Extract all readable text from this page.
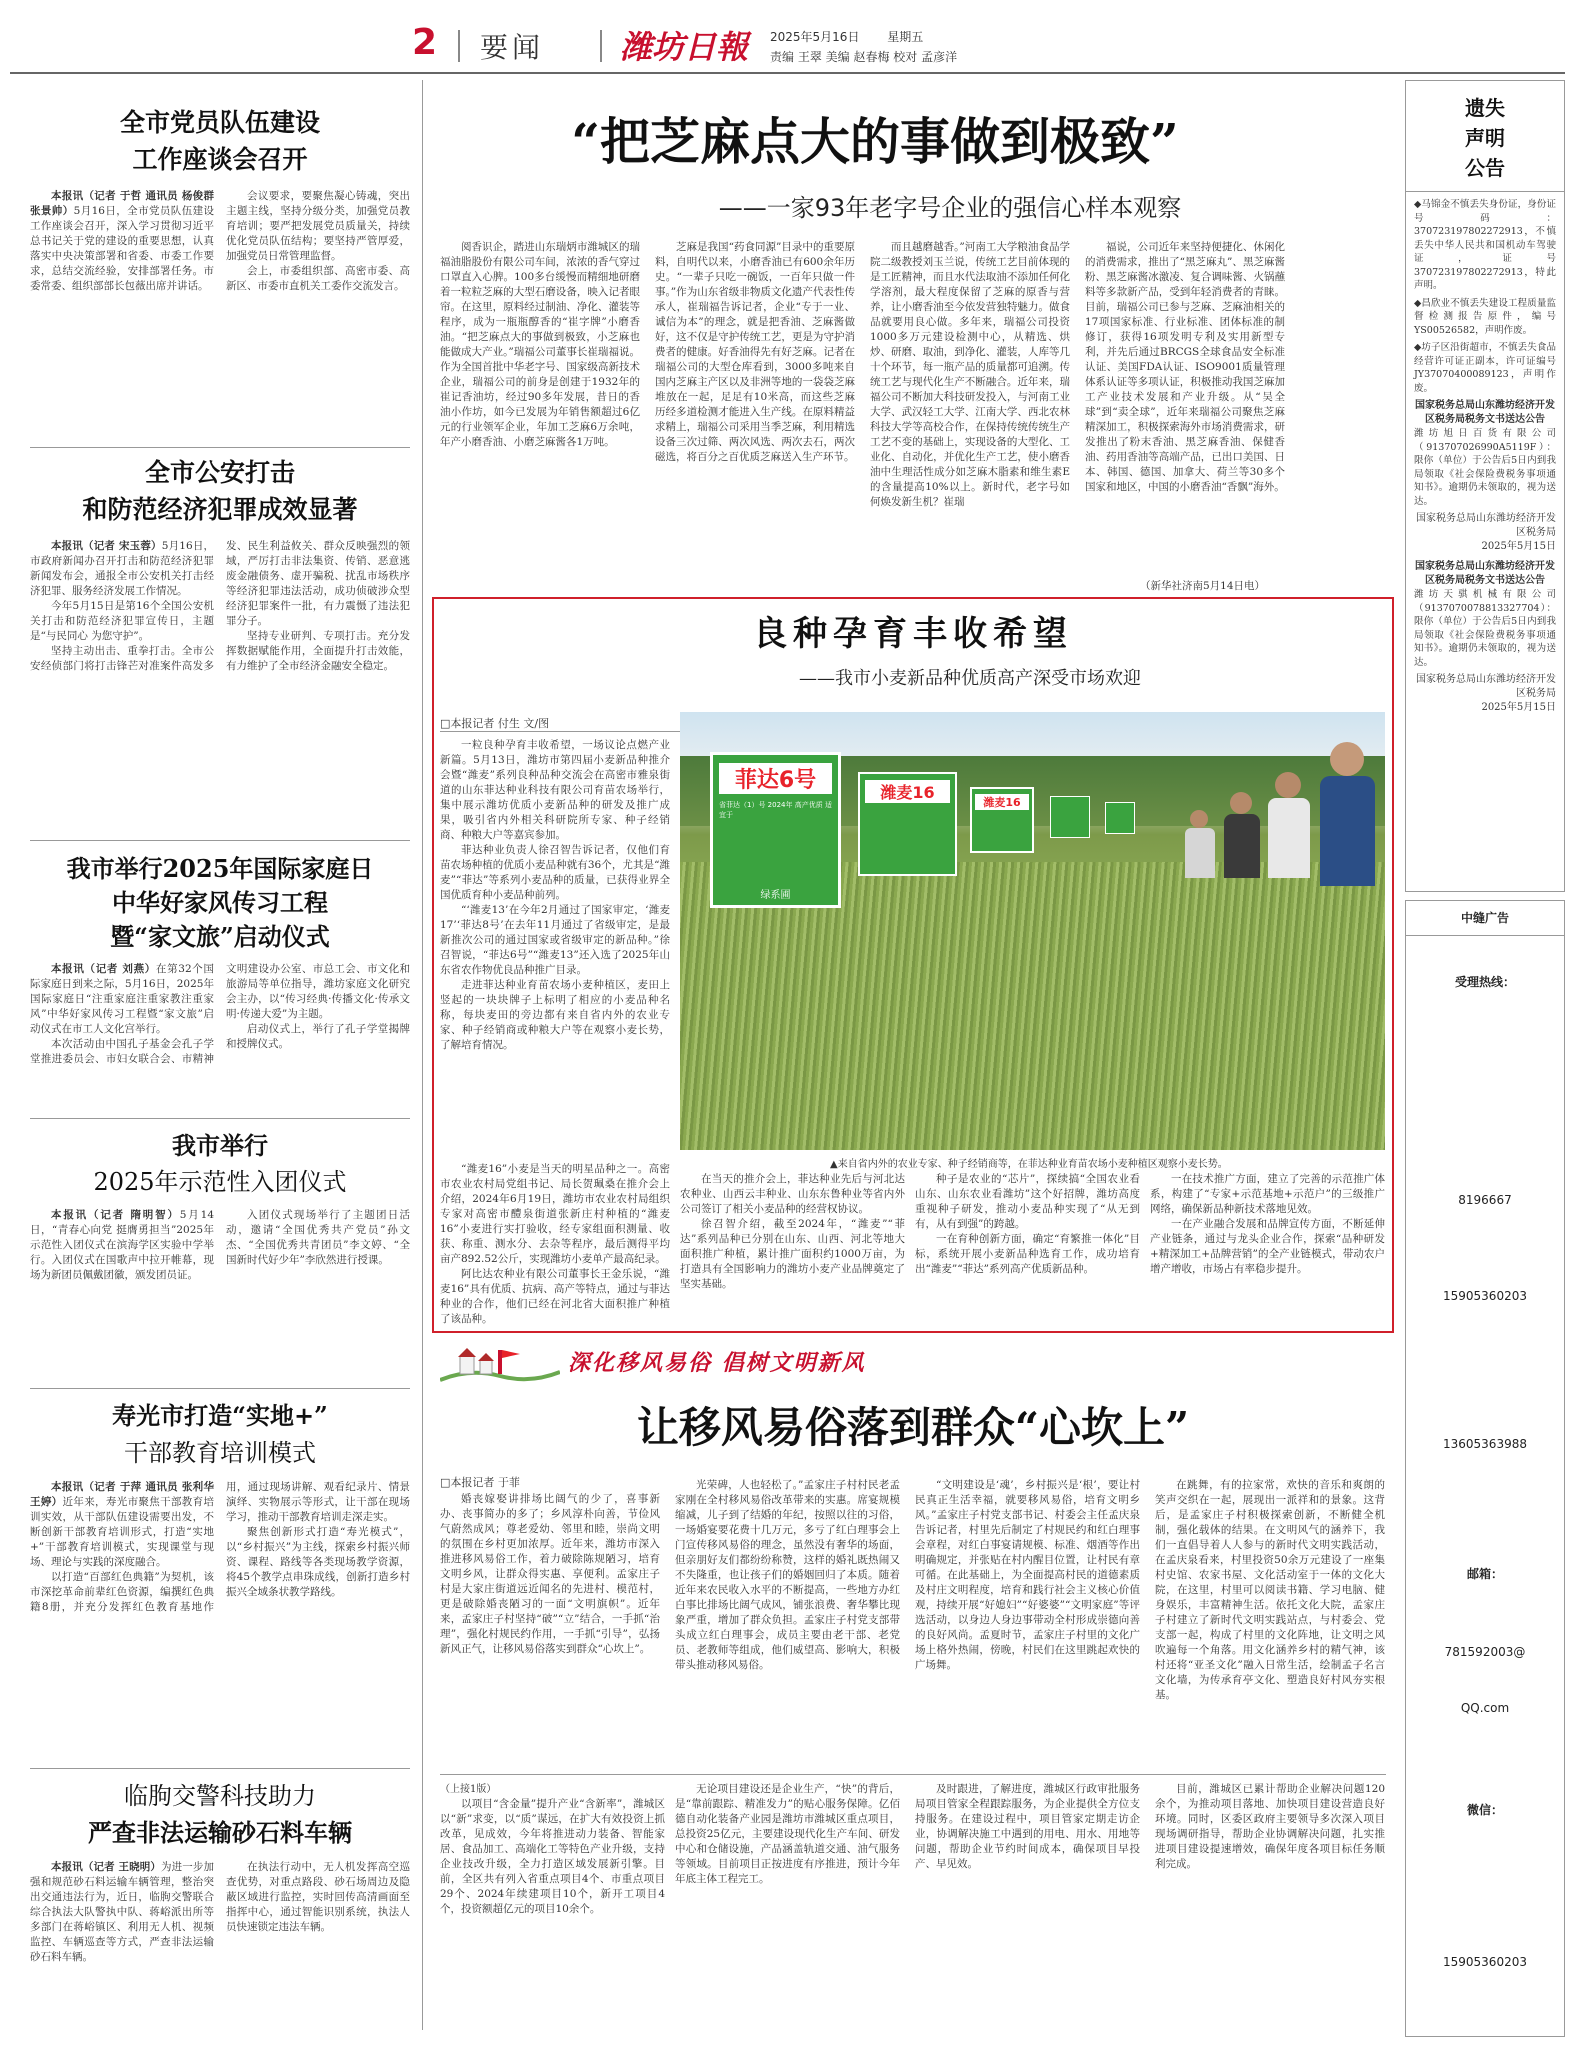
2 要闻 潍坊日報 2025年5月16日 星期五
责编 王翠 美编 赵春梅 校对 孟彦洋

全市党员队伍建设

工作座谈会召开

本报讯（记者 于哲 通讯员 杨俊群 张景帅）5月16日，全市党员队伍建设工作座谈会召开，深入学习贯彻习近平总书记关于党的建设的重要思想，认真落实中央决策部署和省委、市委工作要求，总结交流经验，安排部署任务。市委常委、组织部部长包薇出席并讲话。

会议要求，要聚焦凝心铸魂，突出主题主线，坚持分级分类，加强党员教育培训；要严把发展党员质量关，持续优化党员队伍结构；要坚持严管厚爱，加强党员日常管理监督。

会上，市委组织部、高密市委、高新区、市委市直机关工委作交流发言。

全市公安打击

和防范经济犯罪成效显著

本报讯（记者 宋玉蓉）5月16日，市政府新闻办召开打击和防范经济犯罪新闻发布会，通报全市公安机关打击经济犯罪、服务经济发展工作情况。

今年5月15日是第16个全国公安机关打击和防范经济犯罪宣传日，主题是“与民同心 为您守护”。

坚持主动出击、重拳打击。全市公安经侦部门将打击锋芒对准案件高发多发、民生利益攸关、群众反映强烈的领域，严厉打击非法集资、传销、恶意逃废金融债务、虚开骗税、扰乱市场秩序等经济犯罪违法活动，成功侦破涉众型经济犯罪案件一批，有力震慑了违法犯罪分子。

坚持专业研判、专项打击。充分发挥数据赋能作用，全面提升打击效能，有力维护了全市经济金融安全稳定。

我市举行2025年国际家庭日

中华好家风传习工程

暨“家文旅”启动仪式

本报讯（记者 刘燕）在第32个国际家庭日到来之际，5月16日，2025年国际家庭日“注重家庭注重家教注重家风”中华好家风传习工程暨“家文旅”启动仪式在市工人文化宫举行。

本次活动由中国孔子基金会孔子学堂推进委员会、市妇女联合会、市精神文明建设办公室、市总工会、市文化和旅游局等单位指导，潍坊家庭文化研究会主办，以“传习经典·传播文化·传承文明·传递大爱”为主题。

启动仪式上，举行了孔子学堂揭牌和授牌仪式。

我市举行

2025年示范性入团仪式

本报讯（记者 隋明智）5月14日，“青春心向党 挺膺勇担当”2025年示范性入团仪式在滨海学区实验中学举行。入团仪式在国歌声中拉开帷幕，现场为新团员佩戴团徽，颁发团员证。

入团仪式现场举行了主题团日活动，邀请“全国优秀共产党员”孙文杰、“全国优秀共青团员”李文婷、“全国新时代好少年”李欣然进行授课。

寿光市打造“实地+”

干部教育培训模式

本报讯（记者 于萍 通讯员 张利华 王婷）近年来，寿光市聚焦干部教育培训实效，从干部队伍建设需要出发，不断创新干部教育培训形式，打造“实地+”干部教育培训模式，实现课堂与现场、理论与实践的深度融合。

以打造“百部红色典籍”为契机，该市深挖革命前辈红色资源，编撰红色典籍8册，并充分发挥红色教育基地作用，通过现场讲解、观看纪录片、情景演绎、实物展示等形式，让干部在现场学习，推动干部教育培训走深走实。

聚焦创新形式打造“寿光模式”，以“乡村振兴”为主线，探索乡村振兴师资、课程、路线等各类现场教学资源，将45个教学点串珠成线，创新打造乡村振兴全域条状教学路线。

临朐交警科技助力

严查非法运输砂石料车辆

本报讯（记者 王晓明）为进一步加强和规范砂石料运输车辆管理，整治突出交通违法行为，近日，临朐交警联合综合执法大队警执中队、蒋峪派出所等多部门在蒋峪镇区、利用无人机、视频监控、车辆巡查等方式，严查非法运输砂石料车辆。

在执法行动中，无人机发挥高空巡查优势，对重点路段、砂石场周边及隐蔽区域进行监控，实时回传高清画面至指挥中心，通过智能识别系统，执法人员快速锁定违法车辆。

“把芝麻点大的事做到极致”
——一家93年老字号企业的强信心样本观察

阅香识企，踏进山东瑞炳市潍城区的瑞福油脂股份有限公司车间，浓浓的香气穿过口罩直入心脾。100多台缓慢而精细地研磨着一粒粒芝麻的大型石磨设备，映入记者眼帘。在这里，原料经过制油、净化、灌装等程序，成为一瓶瓶醇香的“崔字牌”小磨香油。“把芝麻点大的事做到极致，小芝麻也能做成大产业。”瑞福公司董事长崔瑞福说。作为全国首批中华老字号、国家级高新技术企业，瑞福公司的前身是创建于1932年的崔记香油坊，经过90多年发展，昔日的香油小作坊，如今已发展为年销售额超过6亿元的行业领军企业，年加工芝麻6万余吨，年产小磨香油、小磨芝麻酱各1万吨。

芝麻是我国“药食同源”目录中的重要原料，自明代以来，小磨香油已有600余年历史。“一辈子只吃一碗饭，一百年只做一件事。”作为山东省级非物质文化遗产代表性传承人，崔瑞福告诉记者，企业“专于一业、诚信为本”的理念，就是把香油、芝麻酱做好，这不仅是守护传统工艺，更是为守护消费者的健康。好香油得先有好芝麻。记者在瑞福公司的大型仓库看到，3000多吨来自国内芝麻主产区以及非洲等地的一袋袋芝麻堆放在一起，足足有10米高，而这些芝麻历经多道检测才能进入生产线。在原料精益求精上，瑞福公司采用当季芝麻，利用精选设备三次过筛、两次风选、两次去石，两次磁选，将百分之百优质芝麻送入生产环节。

而且越磨越香。”河南工大学粮油食品学院二级教授刘玉兰说，传统工艺目前体现的是工匠精神，而且水代法取油不添加任何化学溶剂，最大程度保留了芝麻的原香与营养，让小磨香油至今依发营独特魅力。做食品就要用良心做。多年来，瑞福公司投资1000多万元建设检测中心，从精选、烘炒、研磨、取油，到净化、灌装，人库等几十个环节，每一瓶产品的质量都可追溯。传统工艺与现代化生产不断融合。近年来，瑞福公司不断加大科技研发投入，与河南工业大学、武汉轻工大学、江南大学、西北农林科技大学等高校合作，在保持传统传统生产工艺不变的基础上，实现设备的大型化、工业化、自动化，并优化生产工艺，使小磨香油中生理活性成分如芝麻木脂素和维生素E的含量提高10%以上。新时代，老字号如何焕发新生机？崔瑞

福说，公司近年来坚持便捷化、休闲化的消费需求，推出了“黑芝麻丸”、黑芝麻酱粉、黑芝麻酱冰激凌、复合调味酱、火锅蘸料等多款新产品，受到年轻消费者的青睐。目前，瑞福公司已参与芝麻、芝麻油相关的17项国家标准、行业标准、团体标准的制修订，获得16项发明专利及实用新型专利，并先后通过BRCGS全球食品安全标准认证、美国FDA认证、ISO9001质量管理体系认证等多项认证，积极推动我国芝麻加工产业技术发展和产业升级。从“吴全球”到“卖全球”，近年来瑞福公司聚焦芝麻精深加工，积极探索海外市场消费需求，研发推出了粉末香油、黑芝麻香油、保健香油、药用香油等高端产品，已出口美国、日本、韩国、德国、加拿大、荷兰等30多个国家和地区，中国的小磨香油“香飘”海外。

（新华社济南5月14日电）
良种孕育丰收希望
——我市小麦新品种优质高产深受市场欢迎
□本报记者 付生 文/图
菲达6号
省菲达（1）号 2024年 高产优质 适宜于
绿系圃
潍麦16
潍麦16
▲来自省内外的农业专家、种子经销商等，在菲达种业育苗农场小麦种植区观察小麦长势。

一粒良种孕育丰收希望，一场议论点燃产业新篇。5月13日，潍坊市第四届小麦新品种推介会暨“潍麦”系列良种品种交流会在高密市雅泉街道的山东菲达种业科技有限公司育苗农场举行，集中展示潍坊优质小麦新品种的研发及推广成果，吸引省内外相关科研院所专家、种子经销商、种粮大户等嘉宾参加。

菲达种业负责人徐召智告诉记者，仅他们育苗农场种植的优质小麦品种就有36个，尤其是“潍麦”“菲达”等系列小麦品种的质量，已获得业界全国优质育种小麦品种前列。

“‘潍麦13’在今年2月通过了国家审定，‘潍麦17’‘菲达8号’在去年11月通过了省级审定，是最新推次公司的通过国家或省级审定的新品种。”徐召智说，“菲达6号”“潍麦13”还入选了2025年山东省农作物优良品种推广目录。

走进菲达种业育苗农场小麦种植区，麦田上竖起的一块块牌子上标明了相应的小麦品种名称，每块麦田的旁边都有来自省内外的农业专家、种子经销商或种粮大户等在观察小麦长势，了解培育情况。

“潍麦16”小麦是当天的明星品种之一。高密市农业农村局党组书记、局长贺珮桑在推介会上介绍，2024年6月19日，潍坊市农业农村局组织专家对高密市醴泉街道张新庄村种植的“潍麦16”小麦进行实打验收，经专家组面积测量、收获、称重、测水分、去杂等程序，最后测得平均亩产892.52公斤，实现潍坊小麦单产最高纪录。

阿比达农种业有限公司董事长王金乐说，“潍麦16”具有优质、抗病、高产等特点，通过与菲达种业的合作，他们已经在河北省大面积推广种植了该品种。

在当天的推介会上，菲达种业先后与河北达农种业、山西云丰种业、山东东鲁种业等省内外公司签订了相关小麦品种的经营权协议。

徐召智介绍，截至2024年，“潍麦”“菲达”系列品种已分别在山东、山西、河北等地大面积推广种植，累计推广面积约1000万亩，为打造具有全国影响力的潍坊小麦产业品牌奠定了坚实基础。

种子是农业的“芯片”，探续搞“全国农业看山东、山东农业看潍坊”这个好招牌，潍坊高度重视种子研发，推动小麦品种实现了“从无到有，从有到强”的跨越。

一在育种创新方面，确定“育繁推一体化”目标，系统开展小麦新品种选育工作，成功培育出“潍麦”“菲达”系列高产优质新品种。

一在技术推广方面，建立了完善的示范推广体系，构建了“专家+示范基地+示范户”的三级推广网络，确保新品种新技术落地见效。

一在产业融合发展和品牌宣传方面，不断延伸产业链条，通过与龙头企业合作，探索“品种研发+精深加工+品牌营销”的全产业链模式，带动农户增产增收，市场占有率稳步提升。

深化移风易俗 倡树文明新风
让移风易俗落到群众“心坎上”
□本报记者 于菲

婚丧嫁娶讲排场比阔气的少了，喜事新办、丧事简办的多了；乡风淳朴向善，节俭风气蔚然成风；尊老爱幼、邻里和睦，崇尚文明的氛围在乡村更加浓厚。近年来，潍坊市深入推进移风易俗工作，着力破除陈规陋习，培育文明乡风，让群众得实惠、享便利。孟家庄子村是大家庄街道远近闻名的先进村、模范村，更是破除婚丧陋习的一面“文明旗帜”。近年来，孟家庄子村坚持“破”“立”结合，一手抓“治理”，强化村规民约作用，一手抓“引导”，弘扬新风正气，让移风易俗落实到群众“心坎上”。

光荣碑，人也轻松了。”孟家庄子村村民老孟家刚在全村移风易俗改革带来的实惠。席宴规模缩减，儿子到了结婚的年纪，按照以往的习俗，一场婚宴要花费十几万元，多亏了红白理事会上门宣传移风易俗的理念，虽然没有奢华的场面，但亲朋好友们都纷纷称赞，这样的婚礼既热闹又不失隆重，也让孩子们的婚姻回归了本质。随着近年来农民收入水平的不断提高，一些地方办红白事比排场比阔气成风，铺张浪费、奢华攀比现象严重，增加了群众负担。孟家庄子村党支部带头成立红白理事会，成员主要由老干部、老党员、老教师等组成，他们威望高、影响大，积极带头推动移风易俗。

“文明建设是‘魂’，乡村振兴是‘根’，要让村民真正生活幸福，就要移风易俗，培育文明乡风。”孟家庄子村党支部书记、村委会主任孟庆泉告诉记者，村里先后制定了村规民约和红白理事会章程，对红白事宴请规模、标准、烟酒等作出明确规定，并张贴在村内醒目位置，让村民有章可循。在此基础上，为全面提高村民的道德素质及村庄文明程度，培育和践行社会主义核心价值观，持续开展“好媳妇”“好婆婆”“文明家庭”等评选活动，以身边人身边事带动全村形成崇德向善的良好风尚。孟夏时节，孟家庄子村里的文化广场上格外热闹，傍晚，村民们在这里跳起欢快的广场舞。

在跳舞，有的拉家常，欢快的音乐和爽朗的笑声交织在一起，展现出一派祥和的景象。这背后，是孟家庄子村积极探索创新，不断健全机制，强化载体的结果。在文明风气的涵养下，我们一直倡导着人人参与的新时代文明实践活动，在孟庆泉看来，村里投资50余万元建设了一座集村史馆、农家书屋、文化活动室于一体的文化大院，在这里，村里可以阅读书籍、学习电脑、健身娱乐，丰富精神生活。依托文化大院，孟家庄子村建立了新时代文明实践站点，与村委会、党支部一起，构成了村里的文化阵地，让文明之风吹遍每一个角落。用文化涵养乡村的精气神，该村还将“亚圣文化”融入日常生活，绘制孟子名言文化墙，为传承育亭文化、塑造良好村风夯实根基。

（上接1版）

以项目“含金量”提升产业“含新率”，潍城区以“新”求变，以“质”谋远，在扩大有效投资上抓改革，见成效，今年将推进动力装备、智能家居、食品加工、高端化工等特色产业升级，支持企业技改升级，全力打造区域发展新引擎。目前，全区共有列入省重点项目4个、市重点项目29个、2024年续建项目10个，新开工项目4个，投资额超亿元的项目10余个。

无论项目建设还是企业生产，“快”的背后，是“靠前跟踪、精准发力”的贴心服务保障。亿佰德自动化装备产业园是潍坊市潍城区重点项目，总投资25亿元，主要建设现代化生产车间、研发中心和仓储设施，产品涵盖轨道交通、油气服务等领域。目前项目正按进度有序推进，预计今年年底主体工程完工。

及时跟进，了解进度，潍城区行政审批服务局项目管家全程跟踪服务，为企业提供全方位支持服务。在建设过程中，项目管家定期走访企业，协调解决施工中遇到的用电、用水、用地等问题，帮助企业节约时间成本，确保项目早投产、早见效。

目前，潍城区已累计帮助企业解决问题120余个，为推动项目落地、加快项目建设营造良好环境。同时，区委区政府主要领导多次深入项目现场调研指导，帮助企业协调解决问题，扎实推进项目建设提速增效，确保年度各项目标任务顺利完成。

遗失声明公告

◆马锦金不慎丢失身份证，身份证号码：370723197802272913，不慎丢失中华人民共和国机动车驾驶证，证号370723197802272913，特此声明。

◆昌欣业不慎丢失建设工程质量监督检测报告原件，编号YS00526582，声明作废。

◆坊子区沿街超市，不慎丢失食品经营许可证正副本，许可证编号JY37070400089123，声明作废。

国家税务总局山东潍坊经济开发区税务局税务文书送达公告

潍坊旭日百货有限公司（913707026990A5119F）：限你（单位）于公告后5日内到我局领取《社会保险费税务事项通知书》。逾期仍未领取的，视为送达。

国家税务总局山东潍坊经济开发区税务局

2025年5月15日

国家税务总局山东潍坊经济开发区税务局税务文书送达公告

潍坊天骐机械有限公司（9137070078813327704）：限你（单位）于公告后5日内到我局领取《社会保险费税务事项通知书》。逾期仍未领取的，视为送达。

国家税务总局山东潍坊经济开发区税务局

2025年5月15日

中缝广告

受理热线：

8196667

15905360203

13605363988

邮箱：

781592003@

QQ.com

微信：

15905360203
